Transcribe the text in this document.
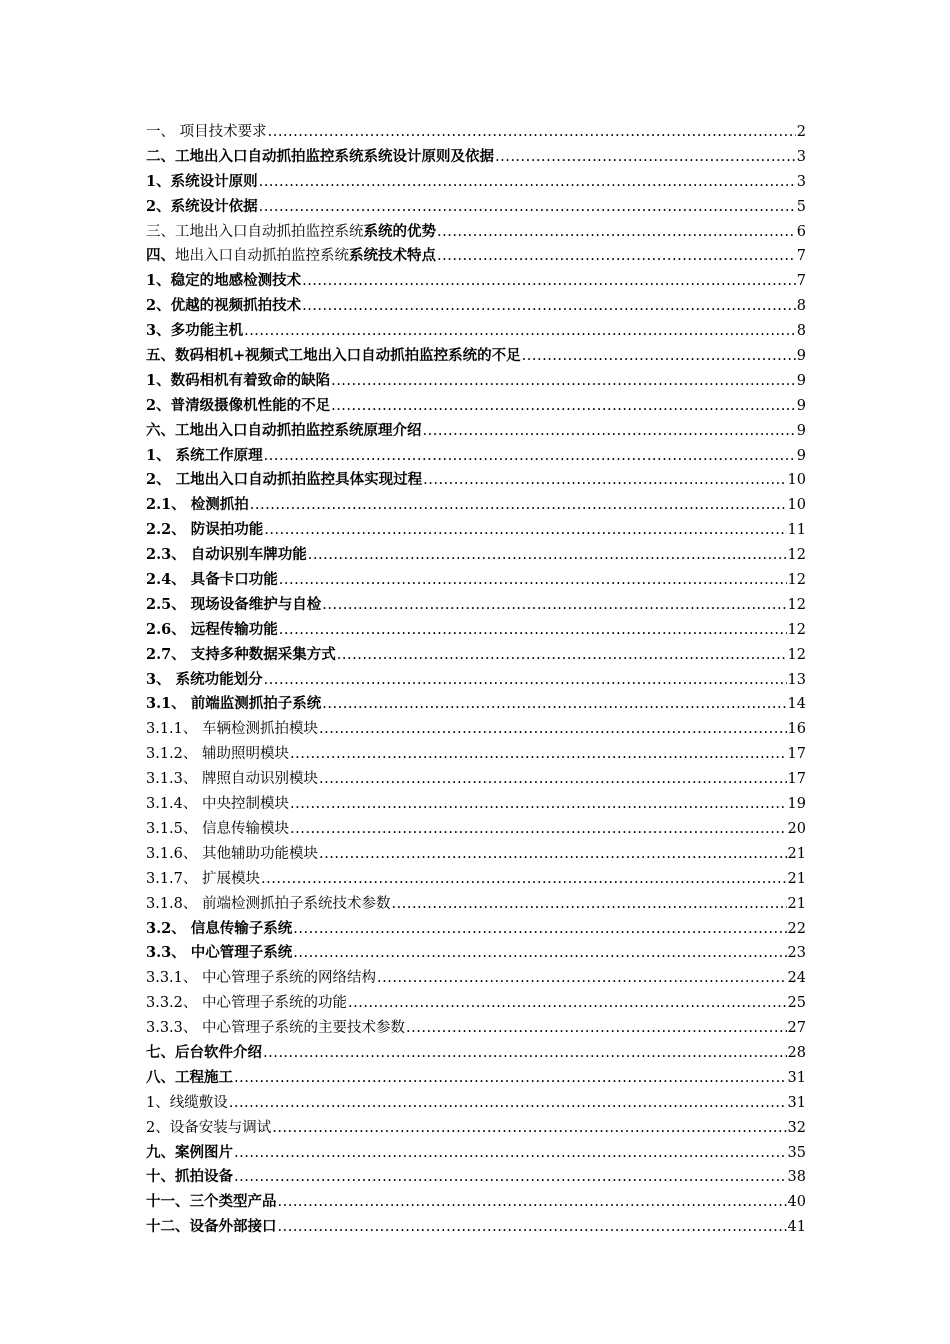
一、 项目技术要求 .....	2
二、工地出入口自动抓拍监控系统系统设计原则及依据 .....	3
1、系统设计原则 .....	3
2、系统设计依据 .....	5
三、工地出入口自动抓拍监控系统系统的优势 .....	6
四、地出入口自动抓拍监控系统系统技术特点 .....	7
1、稳定的地感检测技术 .....	7
2、优越的视频抓拍技术 .....	8
3、多功能主机 .....	8
五、数码相机+视频式工地出入口自动抓拍监控系统的不足 .....	9
1、数码相机有着致命的缺陷 .....	9
2、普清级摄像机性能的不足 .....	9
六、工地出入口自动抓拍监控系统原理介绍 .....	9
1、 系统工作原理 .....	9
2、 工地出入口自动抓拍监控具体实现过程 .....	10
2.1、 检测抓拍 .....	10
2.2、 防误拍功能 .....	11
2.3、 自动识别车牌功能 .....	12
2.4、 具备卡口功能 .....	12
2.5、 现场设备维护与自检 .....	12
2.6、 远程传输功能 .....	12
2.7、 支持多种数据采集方式 .....	12
3、 系统功能划分 .....	13
3.1、 前端监测抓拍子系统 .....	14
3.1.1、 车辆检测抓拍模块 .....	16
3.1.2、 辅助照明模块 .....	17
3.1.3、 牌照自动识别模块 .....	17
3.1.4、 中央控制模块 .....	19
3.1.5、 信息传输模块 .....	20
3.1.6、 其他辅助功能模块 .....	21
3.1.7、 扩展模块 .....	21
3.1.8、 前端检测抓拍子系统技术参数 .....	21
3.2、 信息传输子系统 .....	22
3.3、 中心管理子系统 .....	23
3.3.1、 中心管理子系统的网络结构 .....	24
3.3.2、 中心管理子系统的功能 .....	25
3.3.3、 中心管理子系统的主要技术参数 .....	27
七、后台软件介绍 .....	28
八、工程施工 .....	31
1、线缆敷设 .....	31
2、设备安装与调试 .....	32
九、案例图片 .....	35
十、抓拍设备 .....	38
十一、三个类型产品 .....	40
十二、设备外部接口 .....	41
